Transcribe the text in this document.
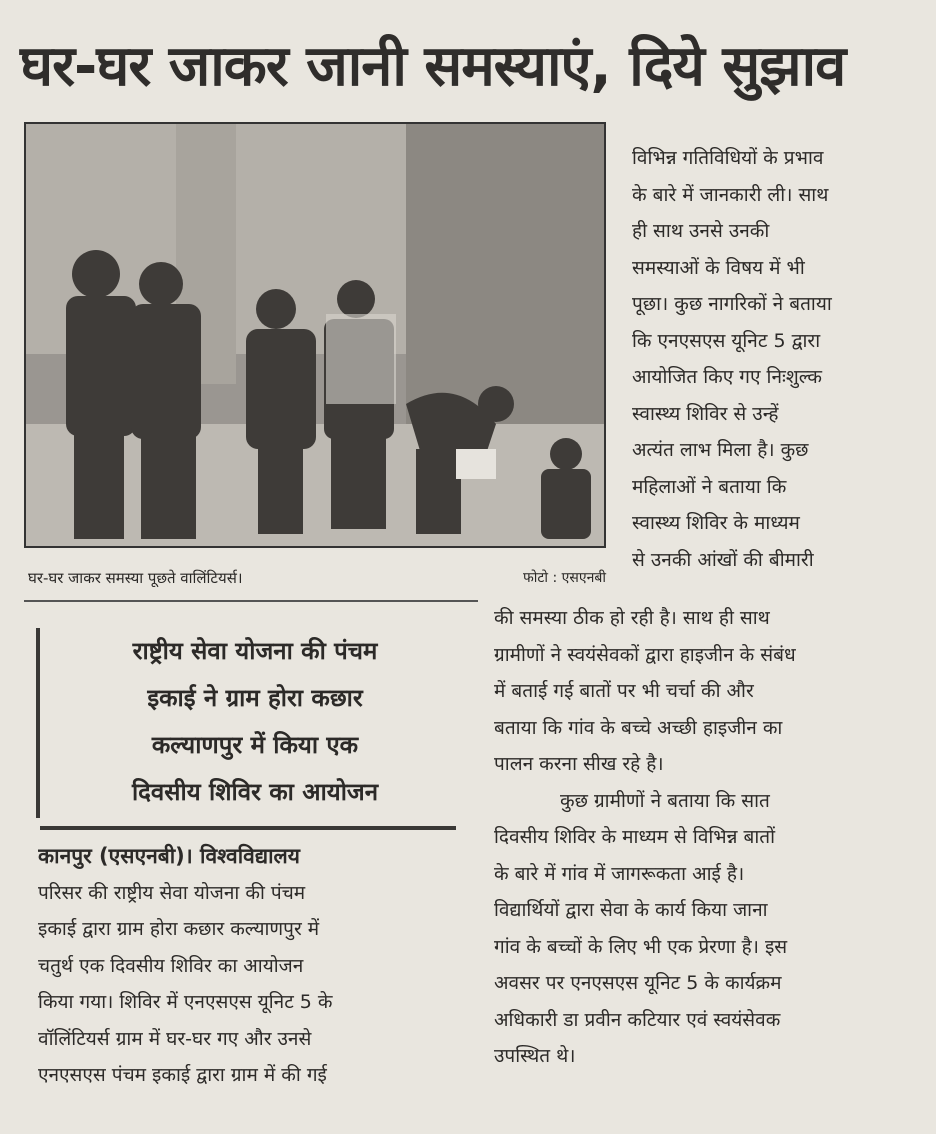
घर-घर जाकर जानी समस्याएं, दिये सुझाव
घर-घर जाकर समस्या पूछते वालिंटियर्स।	फोटो : एसएनबी
राष्ट्रीय सेवा योजना की पंचम
इकाई ने ग्राम होरा कछार
कल्याणपुर में किया एक
दिवसीय शिविर का आयोजन
विभिन्न गतिविधियों के प्रभाव
के बारे में जानकारी ली। साथ
ही साथ उनसे उनकी
समस्याओं के विषय में भी
पूछा। कुछ नागरिकों ने बताया
कि एनएसएस यूनिट 5 द्वारा
आयोजित किए गए निःशुल्क
स्वास्थ्य शिविर से उन्हें
अत्यंत लाभ मिला है। कुछ
महिलाओं ने बताया कि
स्वास्थ्य शिविर के माध्यम
से उनकी आंखों की बीमारी
की समस्या ठीक हो रही है। साथ ही साथ
ग्रामीणों ने स्वयंसेवकों द्वारा हाइजीन के संबंध
में बताई गई बातों पर भी चर्चा की और
बताया कि गांव के बच्चे अच्छी हाइजीन का
पालन करना सीख रहे है।
कुछ ग्रामीणों ने बताया कि सात
दिवसीय शिविर के माध्यम से विभिन्न बातों
के बारे में गांव में जागरूकता आई है।
विद्यार्थियों द्वारा सेवा के कार्य किया जाना
गांव के बच्चों के लिए भी एक प्रेरणा है। इस
अवसर पर एनएसएस यूनिट 5 के कार्यक्रम
अधिकारी डा प्रवीन कटियार एवं स्वयंसेवक
उपस्थित थे।
कानपुर (एसएनबी)। विश्वविद्यालय
परिसर की राष्ट्रीय सेवा योजना की पंचम
इकाई द्वारा ग्राम होरा कछार कल्याणपुर में
चतुर्थ एक दिवसीय शिविर का आयोजन
किया गया। शिविर में एनएसएस यूनिट 5 के
वॉलिंटियर्स ग्राम में घर-घर गए और उनसे
एनएसएस पंचम इकाई द्वारा ग्राम में की गई
